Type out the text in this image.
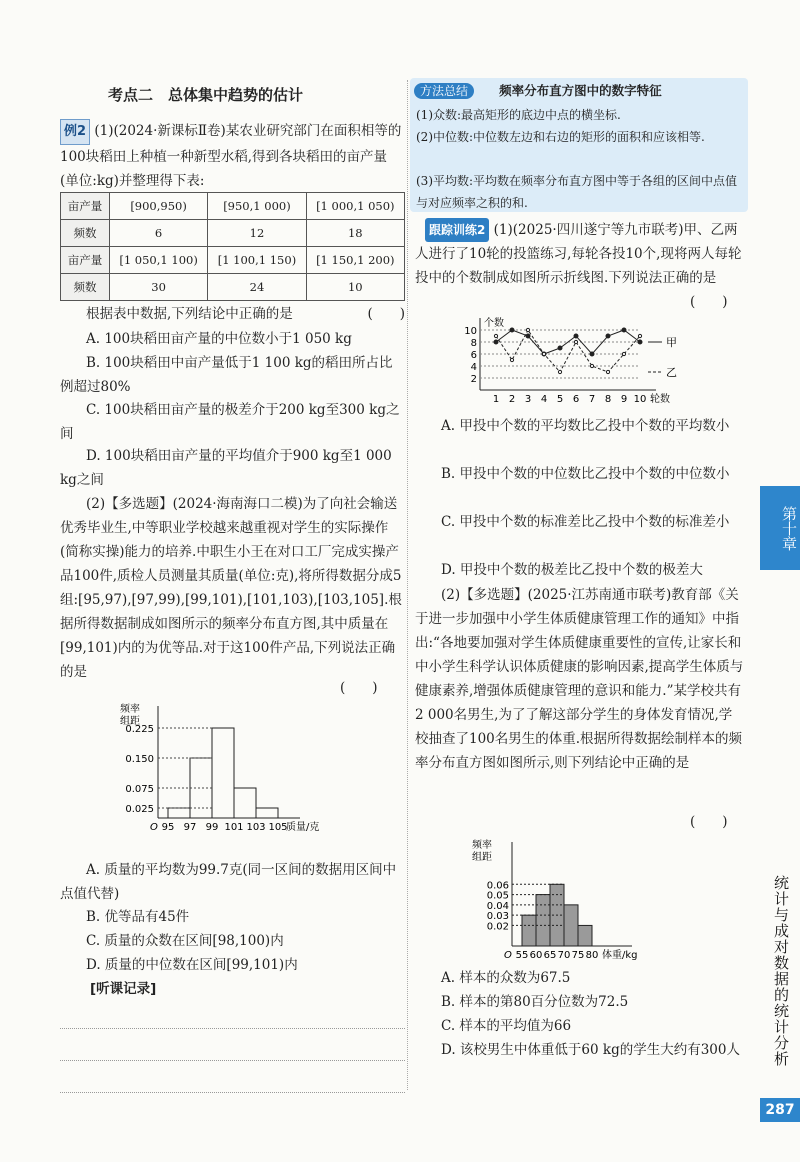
考点二　总体集中趋势的估计
例2 (1)(2024·新课标Ⅱ卷)某农业研究部门在面积相等的100块稻田上种植一种新型水稻,得到各块稻田的亩产量(单位:kg)并整理得下表:
亩产量	[900,950)	[950,1 000)	[1 000,1 050)
频数	6	12	18
亩产量	[1 050,1 100)	[1 100,1 150)	[1 150,1 200)
频数	30	24	10
根据表中数据,下列结论中正确的是	(　　)
A. 100块稻田亩产量的中位数小于1 050 kg
B. 100块稻田中亩产量低于1 100 kg的稻田所占比例超过80%
C. 100块稻田亩产量的极差介于200 kg至300 kg之间
D. 100块稻田亩产量的平均值介于900 kg至1 000 kg之间
(2)【多选题】(2024·海南海口二模)为了向社会输送优秀毕业生,中等职业学校越来越重视对学生的实际操作(简称实操)能力的培养.中职生小王在对口工厂完成实操产品100件,质检人员测量其质量(单位:克),将所得数据分成5组:[95,97),[97,99),[99,101),[101,103),[103,105].根据所得数据制成如图所示的频率分布直方图,其中质量在[99,101)内的为优等品.对于这100件产品,下列说法正确的是
(　　)
频率
组距
0.025
0.075
0.150
0.225
95 97 99 101 103 105
质量/克
O
A. 质量的平均数为99.7克(同一区间的数据用区间中点值代替)
B. 优等品有45件
C. 质量的众数在区间[98,100)内
D. 质量的中位数在区间[99,101)内
[听课记录]
方法总结 频率分布直方图中的数字特征
(1)众数:最高矩形的底边中点的横坐标.
(2)中位数:中位数左边和右边的矩形的面积和应该相等.
(3)平均数:平均数在频率分布直方图中等于各组的区间中点值与对应频率之积的和.
跟踪训练2 (1)(2025·四川遂宁等九市联考)甲、乙两人进行了10轮的投篮练习,每轮各投10个,现将两人每轮投中的个数制成如图所示折线图.下列说法正确的是
(　　)
个数
2
4
6
8
10
1 2 3 4 5 6 7 8 9 10 轮数
甲
乙
A. 甲投中个数的平均数比乙投中个数的平均数小
B. 甲投中个数的中位数比乙投中个数的中位数小
C. 甲投中个数的标准差比乙投中个数的标准差小
D. 甲投中个数的极差比乙投中个数的极差大
(2)【多选题】(2025·江苏南通市联考)教育部《关于进一步加强中小学生体质健康管理工作的通知》中指出:“各地要加强对学生体质健康重要性的宣传,让家长和中小学生科学认识体质健康的影响因素,提高学生体质与健康素养,增强体质健康管理的意识和能力.”某学校共有2 000名男生,为了了解这部分学生的身体发育情况,学校抽查了100名男生的体重.根据所得数据绘制样本的频率分布直方图如图所示,则下列结论中正确的是
(　　)
频率
组距
0.02
0.03
0.04
0.05
0.06
55 60 65 70 75 80 体重/kg
O
A. 样本的众数为67.5
B. 样本的第80百分位数为72.5
C. 样本的平均值为66
D. 该校男生中体重低于60 kg的学生大约有300人
第十章
统计与成对数据的统计分析
287
